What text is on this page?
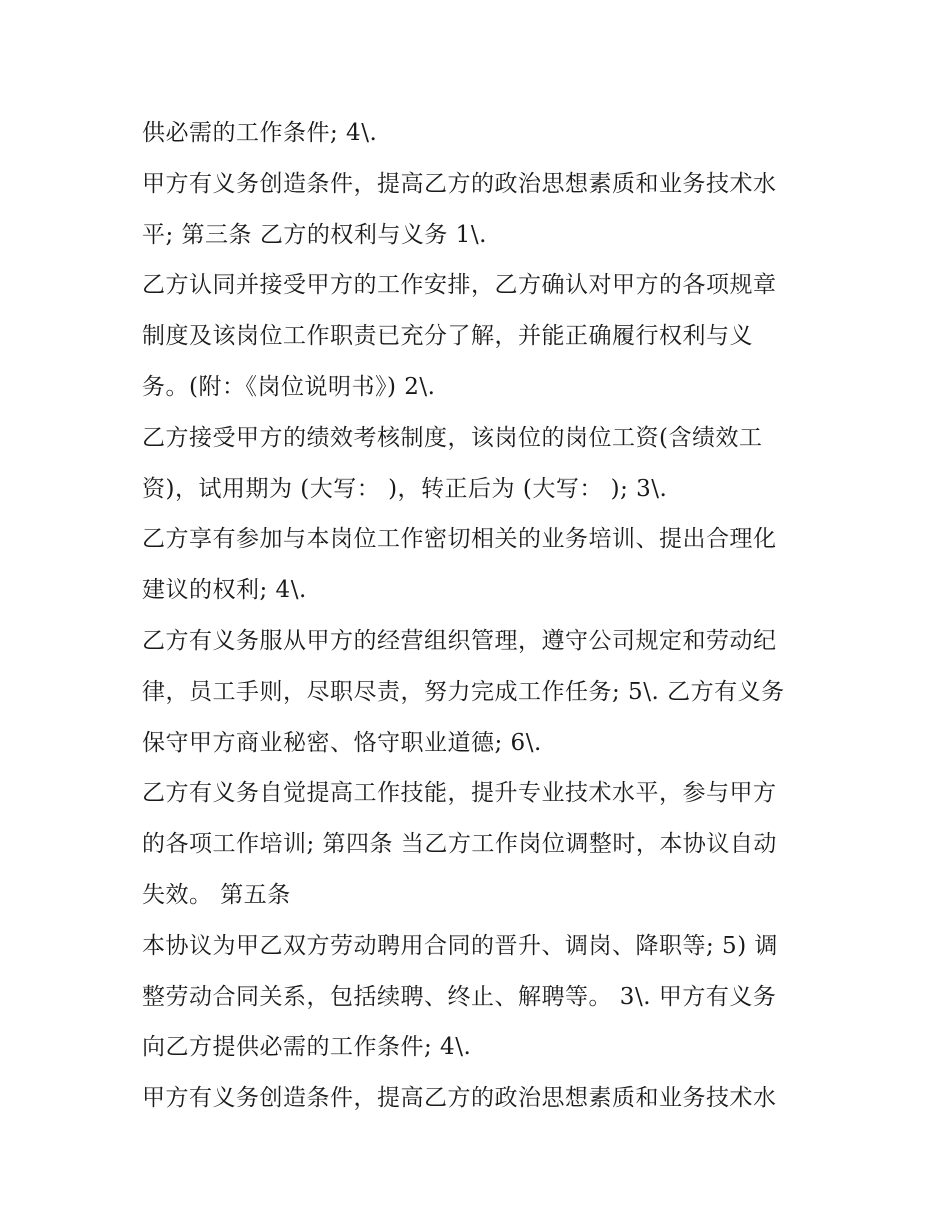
供必需的工作条件; 4\.
甲方有义务创造条件，提高乙方的政治思想素质和业务技术水
平; 第三条 乙方的权利与义务 1\.
乙方认同并接受甲方的工作安排，乙方确认对甲方的各项规章
制度及该岗位工作职责已充分了解，并能正确履行权利与义
务。(附：《岗位说明书》) 2\.
乙方接受甲方的绩效考核制度，该岗位的岗位工资(含绩效工
资)，试用期为 (大写： )，转正后为 (大写： ); 3\.
乙方享有参加与本岗位工作密切相关的业务培训、提出合理化
建议的权利; 4\.
乙方有义务服从甲方的经营组织管理，遵守公司规定和劳动纪
律，员工手则，尽职尽责，努力完成工作任务; 5\. 乙方有义务
保守甲方商业秘密、恪守职业道德; 6\.
乙方有义务自觉提高工作技能，提升专业技术水平，参与甲方
的各项工作培训; 第四条 当乙方工作岗位调整时，本协议自动
失效。 第五条
本协议为甲乙双方劳动聘用合同的晋升、调岗、降职等; 5) 调
整劳动合同关系，包括续聘、终止、解聘等。 3\. 甲方有义务
向乙方提供必需的工作条件; 4\.
甲方有义务创造条件，提高乙方的政治思想素质和业务技术水
